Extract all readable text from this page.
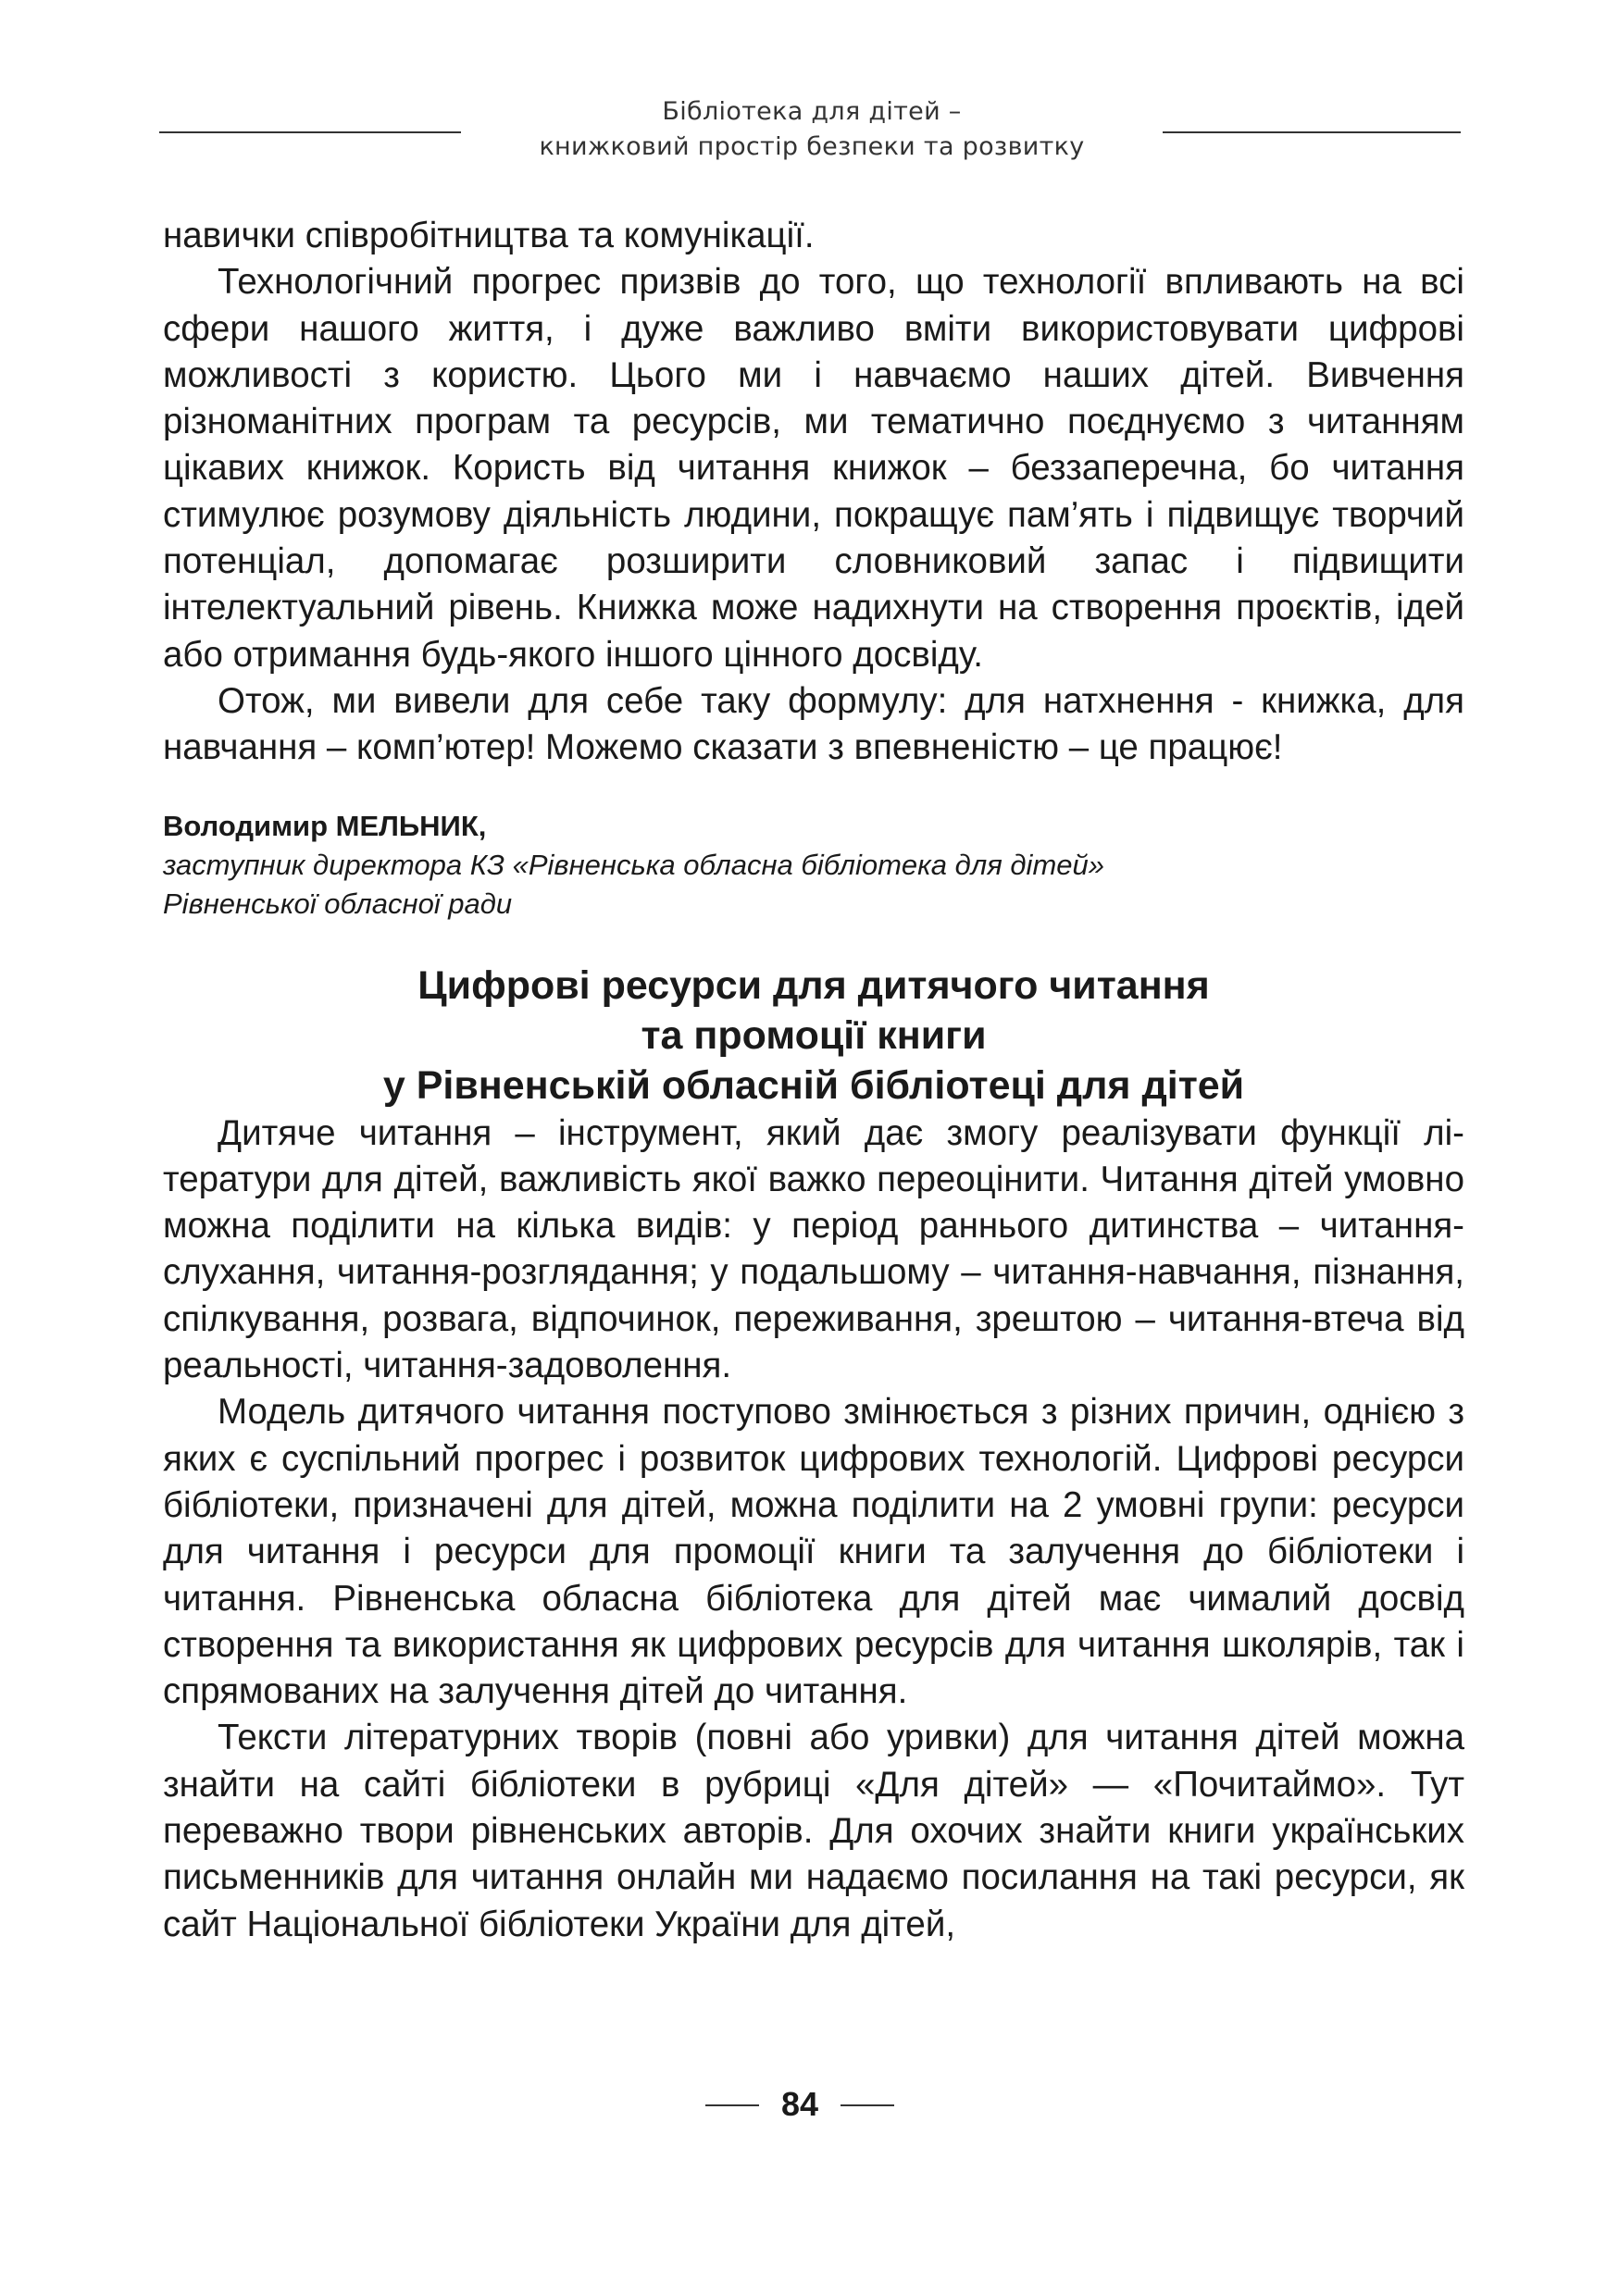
Бібліотека для дітей –
книжковий простір безпеки та розвитку

навички співробітництва та комунікації.

Технологічний прогрес призвів до того, що технології впливають на всі сфери нашого життя, і дуже важливо вміти використовувати цифрові можливості з користю. Цього ми і навчаємо наших дітей. Вивчення різноманітних програм та ресурсів, ми тематично поєднуємо з читанням цікавих книжок. Користь від читання книжок – беззаперечна, бо читання стимулює розумову діяльність людини, покращує пам’ять і підвищує творчий потенціал, допомагає розширити словниковий запас і підвищити інтелектуальний рівень. Книжка може надихнути на створення проєктів, ідей або отримання будь-якого іншого цінного досвіду.

Отож, ми вивели для себе таку формулу: для натхнення - книжка, для навчання – комп’ютер! Можемо сказати з впевненістю – це працює!

Володимир МЕЛЬНИК,
заступник директора КЗ «Рівненська обласна бібліотека для дітей»
Рівненської обласної ради
Цифрові ресурси для дитячого читання
та промоції книги
у Рівненській обласній бібліотеці для дітей

Дитяче читання – інструмент, який дає змогу реалізувати функції літератури для дітей, важливість якої важко переоцінити. Читання дітей умовно можна поділити на кілька видів: у період раннього дитинства – читання-слухання, читання-розглядання; у подальшому – читання-навчання, пізнання, спілкування, розвага, відпочинок, переживання, зрештою – читання-втеча від реальності, читання-задоволення.

Модель дитячого читання поступово змінюється з різних причин, однією з яких є суспільний прогрес і розвиток цифрових технологій. Цифрові ресурси бібліотеки, призначені для дітей, можна поділити на 2 умовні групи: ресурси для читання і ресурси для промоції книги та залучення до бібліотеки і читання. Рівненська обласна бібліотека для дітей має чималий досвід створення та використання як цифрових ресурсів для читання школярів, так і спрямованих на залучення дітей до читання.

Тексти літературних творів (повні або уривки) для читання дітей можна знайти на сайті бібліотеки в рубриці «Для дітей» — «Почитаймо». Тут переважно твори рівненських авторів. Для охочих знайти книги українських письменників для читання онлайн ми надаємо посилання на такі ресурси, як сайт Національної бібліотеки України для дітей,

84
